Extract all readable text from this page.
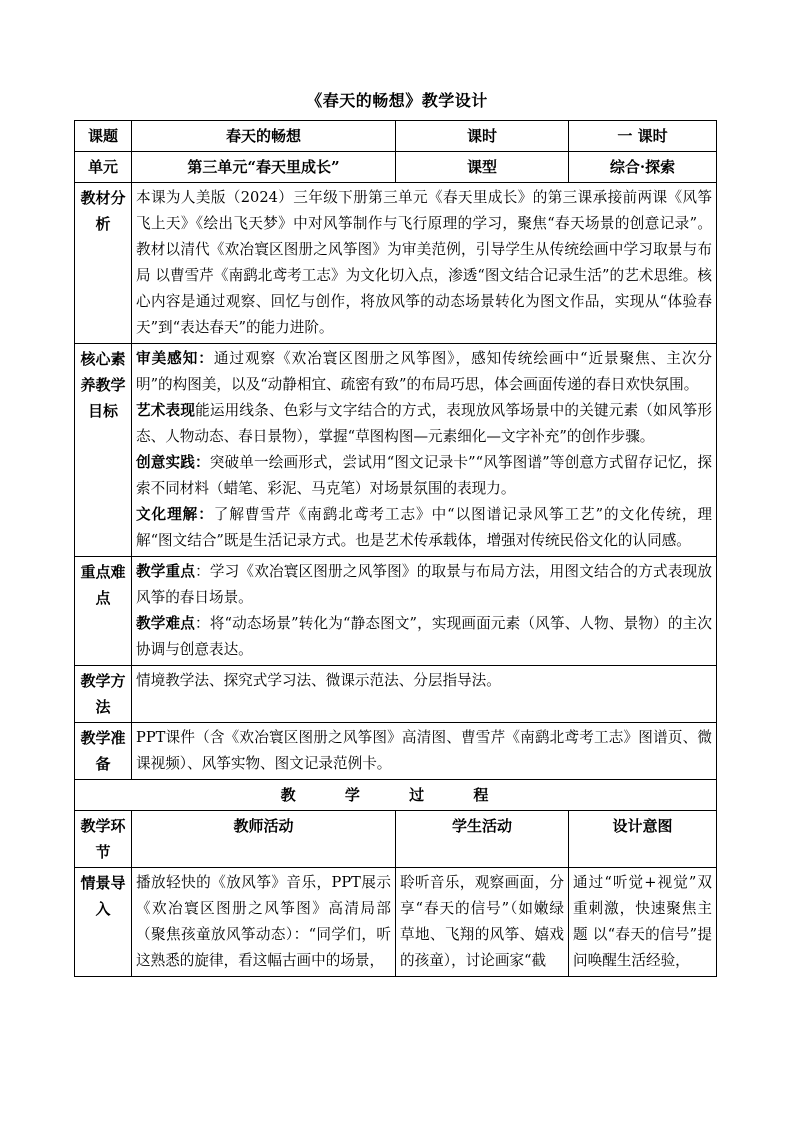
《春天的畅想》教学设计
课题	春天的畅想	课时	一 课时
单元	第三单元“春天里成长”	课型	综合·探索
教材分析	本课为人美版（2024）三年级下册第三单元《春天里成长》的第三课承接前两课《风筝飞上天》《绘出飞天梦》中对风筝制作与飞行原理的学习，聚焦“春天场景的创意记录”。教材以清代《欢冶寰区图册之风筝图》为审美范例，引导学生从传统绘画中学习取景与布局 以曹雪芹《南鹞北鸢考工志》为文化切入点，渗透“图文结合记录生活”的艺术思维。核心内容是通过观察、回忆与创作，将放风筝的动态场景转化为图文作品，实现从“体验春天”到“表达春天”的能力进阶。		
核心素养教学目标	审美感知：通过观察《欢冶寰区图册之风筝图》，感知传统绘画中“近景聚焦、主次分明”的构图美，以及“动静相宜、疏密有致”的布局巧思，体会画面传递的春日欢快氛围。

艺术表现能运用线条、色彩与文字结合的方式，表现放风筝场景中的关键元素（如风筝形态、人物动态、春日景物），掌握“草图构图—元素细化—文字补充”的创作步骤。

创意实践：突破单一绘画形式，尝试用“图文记录卡”“风筝图谱”等创意方式留存记忆，探索不同材料（蜡笔、彩泥、马克笔）对场景氛围的表现力。

文化理解：了解曹雪芹《南鹞北鸢考工志》中“以图谱记录风筝工艺”的文化传统，理解“图文结合”既是生活记录方式。也是艺术传承载体，增强对传统民俗文化的认同感。		

重点难点	教学重点：学习《欢冶寰区图册之风筝图》的取景与布局方法，用图文结合的方式表现放风筝的春日场景。

教学难点：将“动态场景”转化为“静态图文”，实现画面元素（风筝、人物、景物）的主次协调与创意表达。		

教学方法	情境教学法、探究式学习法、微课示范法、分层指导法。		
教学准备	PPT课件（含《欢冶寰区图册之风筝图》高清图、曹雪芹《南鹞北鸢考工志》图谱页、微课视频）、风筝实物、图文记录范例卡。		
教 学 过 程			
教学环节	教师活动	学生活动	设计意图
情景导入	播放轻快的《放风筝》音乐，PPT展示《欢冶寰区图册之风筝图》高清局部（聚焦孩童放风筝动态）：“同学们，听这熟悉的旋律，看这幅古画中的场景，	聆听音乐，观察画面，分享“春天的信号”（如嫩绿草地、飞翔的风筝、嬉戏的孩童），讨论画家“截	通过“听觉+视觉”双重刺激，快速聚焦主题 以“春天的信号”提问唤醒生活经验，
